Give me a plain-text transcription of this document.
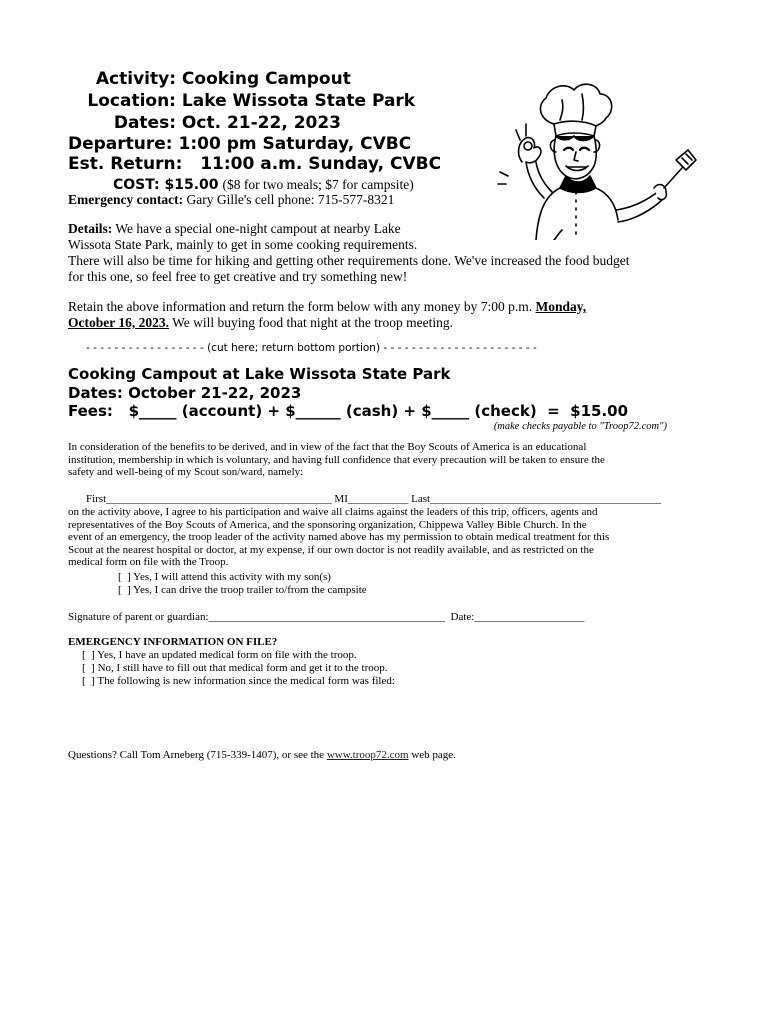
Activity: Cooking Campout
Location: Lake Wissota State Park
Dates: Oct. 21-22, 2023
Departure: 1:00 pm Saturday, CVBC
Est. Return: 11:00 a.m. Sunday, CVBC
COST: $15.00 ($8 for two meals; $7 for campsite)
Emergency contact: Gary Gille's cell phone: 715-577-8321
Details: We have a special one-night campout at nearby Lake
Wissota State Park, mainly to get in some cooking requirements.
There will also be time for hiking and getting other requirements done. We've increased the food budget
for this one, so feel free to get creative and try something new!
Retain the above information and return the form below with any money by 7:00 p.m. Monday,
October 16, 2023. We will buying food that night at the troop meeting.
- - - - - - - - - - - - - - - - - (cut here; return bottom portion) - - - - - - - - - - - - - - - - - - - - - -
Cooking Campout at Lake Wissota State Park
Dates: October 21-22, 2023
Fees:   $_____ (account) + $______ (cash) + $_____ (check)  =  $15.00
(make checks payable to "Troop72.com")
In consideration of the benefits to be derived, and in view of the fact that the Boy Scouts of America is an educational
institution, membership in which is voluntary, and having full confidence that every precaution will be taken to ensure the
safety and well-being of my Scout son/ward, namely:
First_________________________________________ MI___________ Last__________________________________________
on the activity above, I agree to his participation and waive all claims against the leaders of this trip, officers, agents and
representatives of the Boy Scouts of America, and the sponsoring organization, Chippewa Valley Bible Church. In the
event of an emergency, the troop leader of the activity named above has my permission to obtain medical treatment for this
Scout at the nearest hospital or doctor, at my expense, if our own doctor is not readily available, and as restricted on the
medical form on file with the Troop.
[  ] Yes, I will attend this activity with my son(s)
[  ] Yes, I can drive the troop trailer to/from the campsite
Signature of parent or guardian:___________________________________________  Date:____________________
EMERGENCY INFORMATION ON FILE?
[  ] Yes, I have an updated medical form on file with the troop.
[  ] No, I still have to fill out that medical form and get it to the troop.
[  ] The following is new information since the medical form was filed:
Questions? Call Tom Arneberg (715-339-1407), or see the www.troop72.com web page.
